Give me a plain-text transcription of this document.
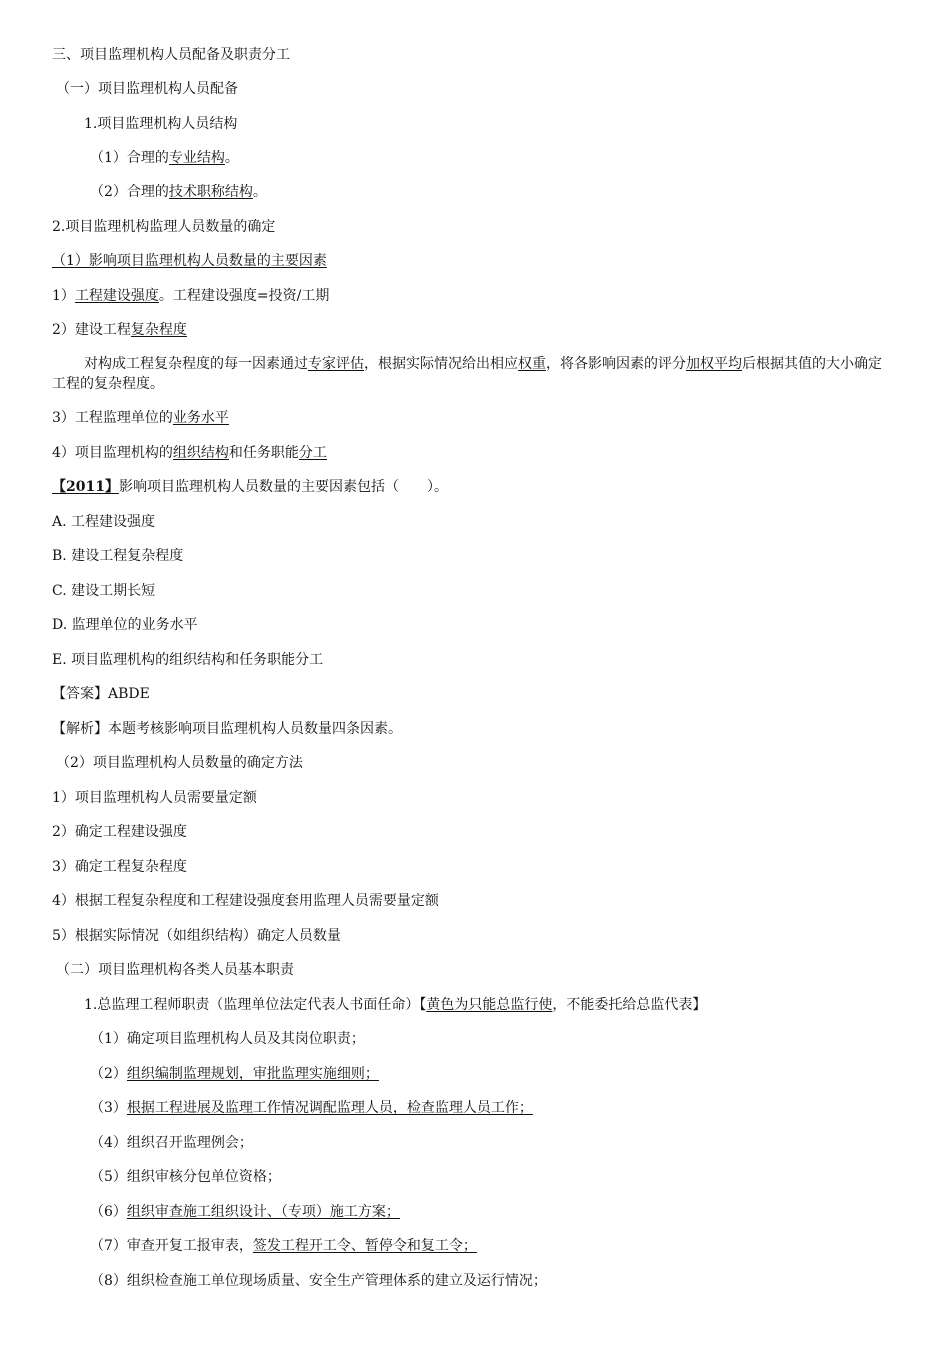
三、项目监理机构人员配备及职责分工
（一）项目监理机构人员配备
1.项目监理机构人员结构
（1）合理的专业结构。
（2）合理的技术职称结构。
2.项目监理机构监理人员数量的确定
（1）影响项目监理机构人员数量的主要因素
1）工程建设强度。工程建设强度=投资/工期
2）建设工程复杂程度
对构成工程复杂程度的每一因素通过专家评估，根据实际情况给出相应权重，将各影响因素的评分加权平均后根据其值的大小确定工程的复杂程度。
3）工程监理单位的业务水平
4）项目监理机构的组织结构和任务职能分工
【2011】影响项目监理机构人员数量的主要因素包括（　　）。
A. 工程建设强度
B. 建设工程复杂程度
C. 建设工期长短
D. 监理单位的业务水平
E. 项目监理机构的组织结构和任务职能分工
【答案】ABDE
【解析】本题考核影响项目监理机构人员数量四条因素。
（2）项目监理机构人员数量的确定方法
1）项目监理机构人员需要量定额
2）确定工程建设强度
3）确定工程复杂程度
4）根据工程复杂程度和工程建设强度套用监理人员需要量定额
5）根据实际情况（如组织结构）确定人员数量
（二）项目监理机构各类人员基本职责
1.总监理工程师职责（监理单位法定代表人书面任命）【黄色为只能总监行使，不能委托给总监代表】
（1）确定项目监理机构人员及其岗位职责；
（2）组织编制监理规划，审批监理实施细则；
（3）根据工程进展及监理工作情况调配监理人员，检查监理人员工作；
（4）组织召开监理例会；
（5）组织审核分包单位资格；
（6）组织审查施工组织设计、（专项）施工方案；
（7）审查开复工报审表，签发工程开工令、暂停令和复工令；
（8）组织检查施工单位现场质量、安全生产管理体系的建立及运行情况；
